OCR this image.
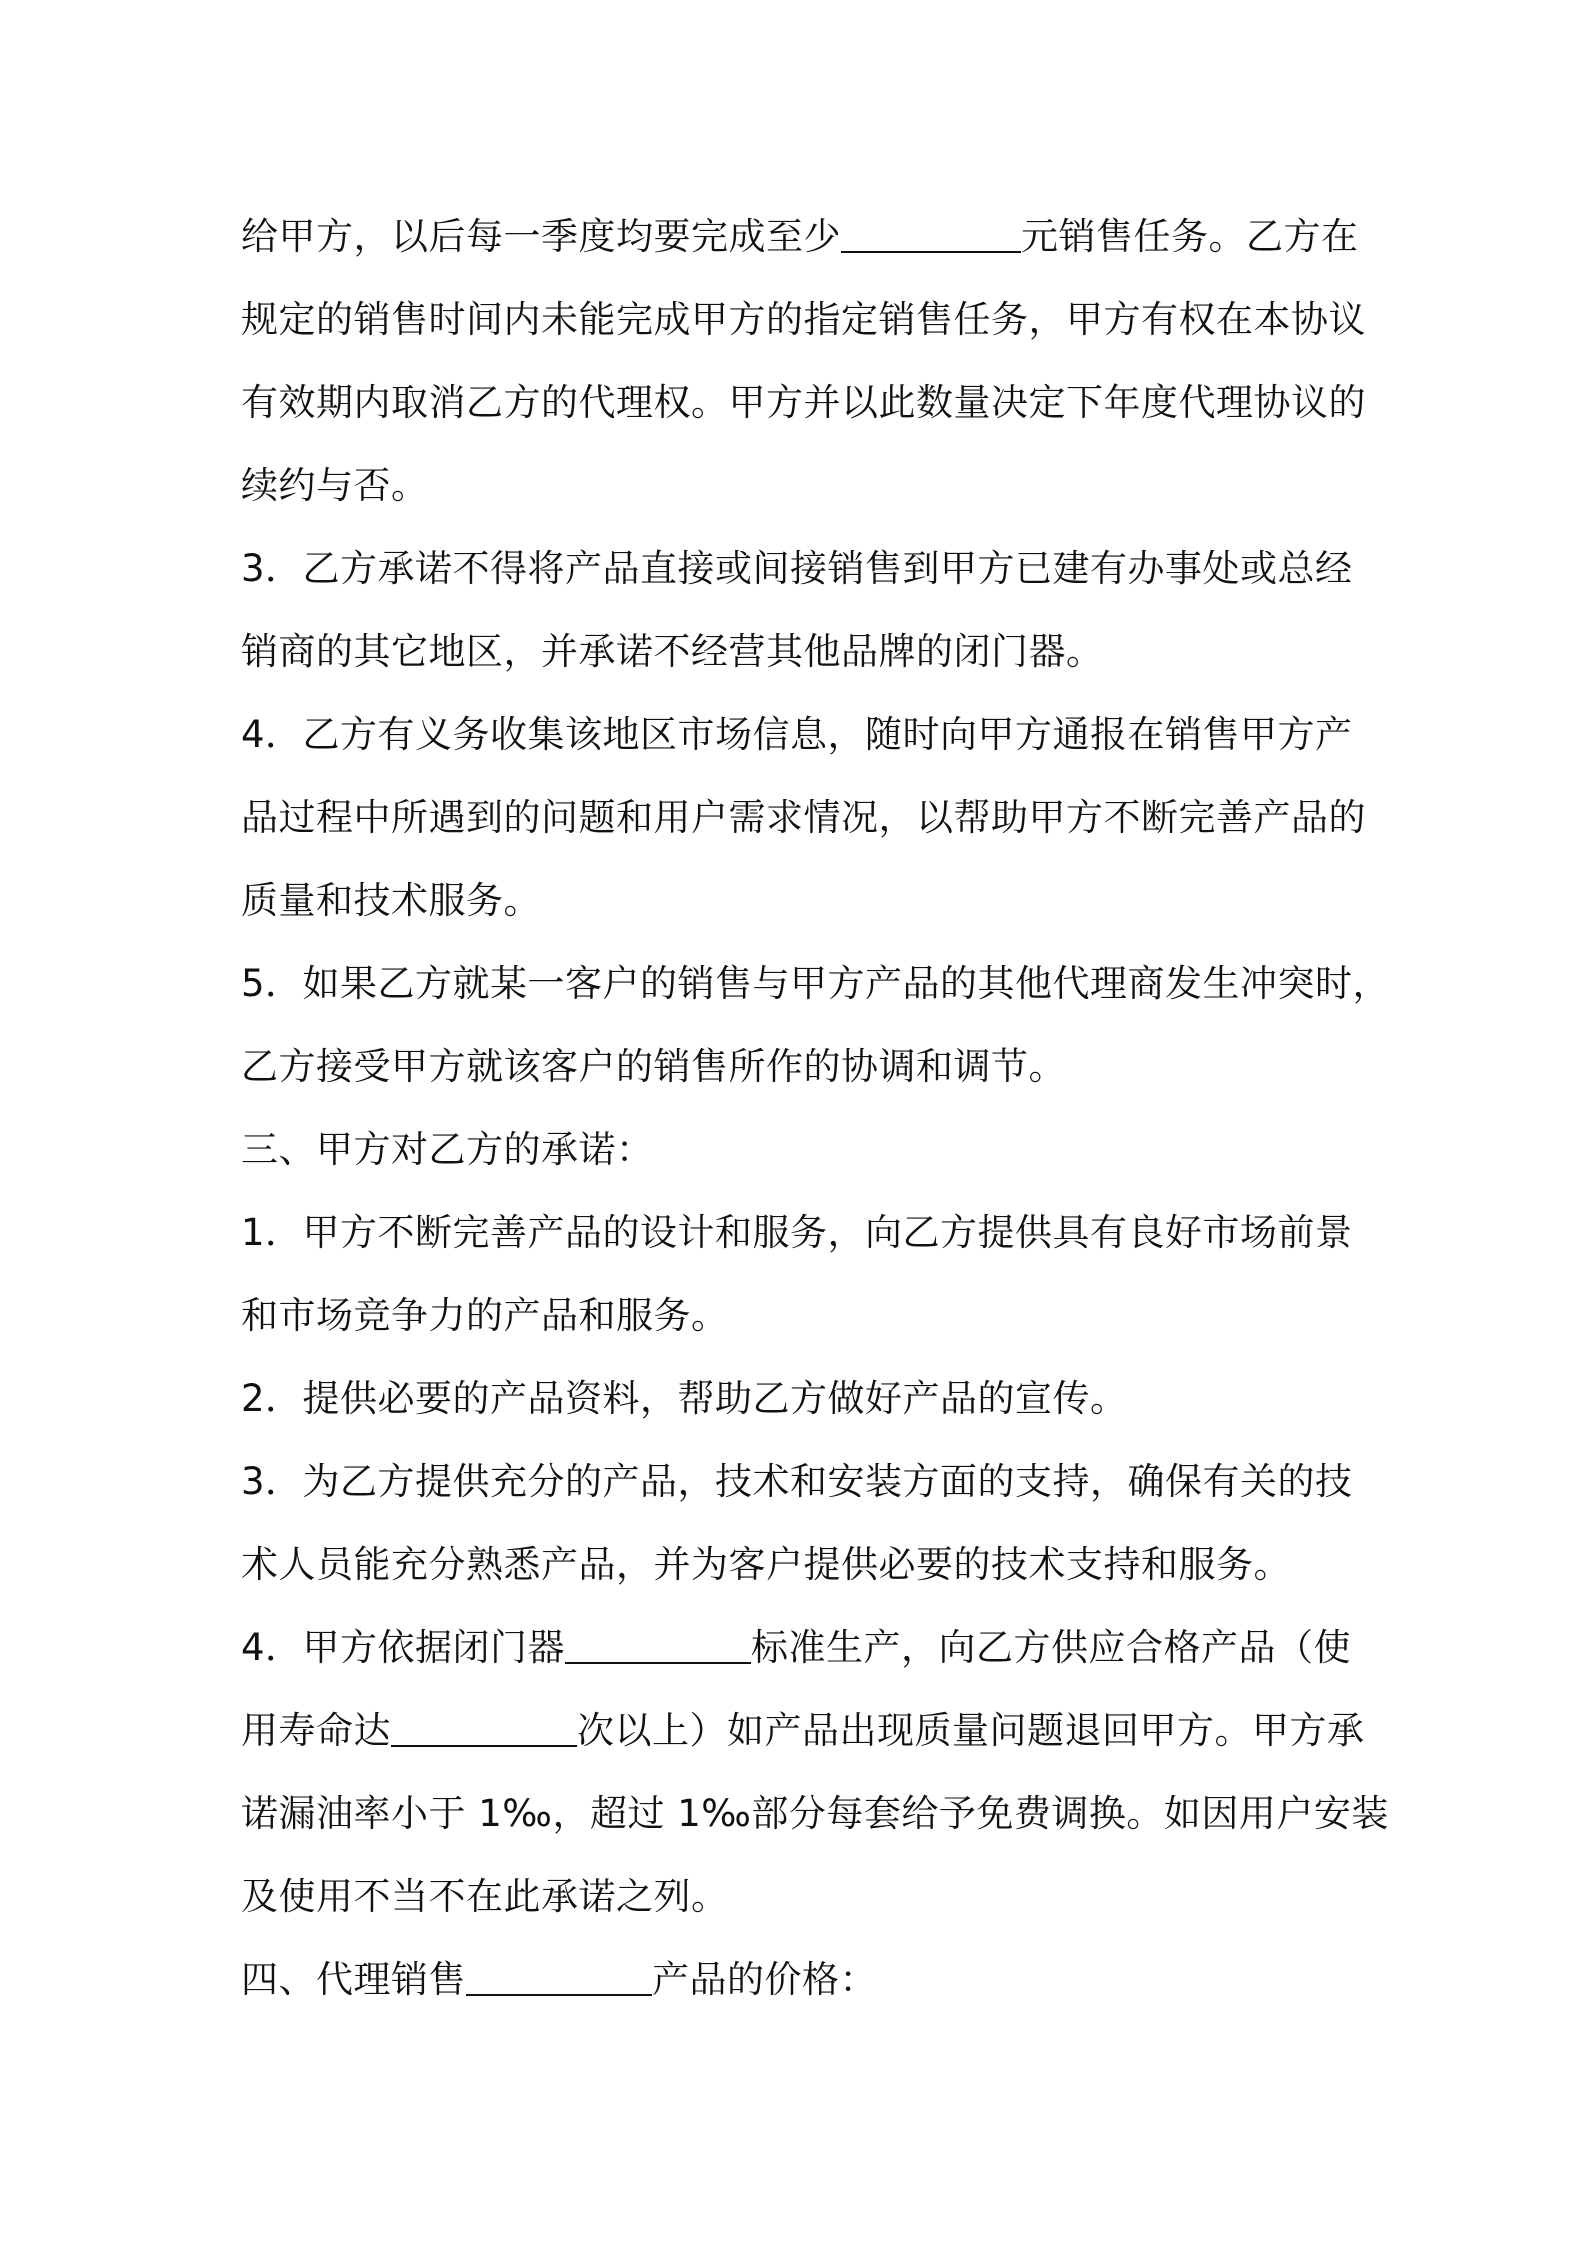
给甲方，以后每一季度均要完成至少	元销售任务。乙方在
规定的销售时间内未能完成甲方的指定销售任务，甲方有权在本协议
有效期内取消乙方的代理权。甲方并以此数量决定下年度代理协议的
续约与否。
3．乙方承诺不得将产品直接或间接销售到甲方已建有办事处或总经
销商的其它地区，并承诺不经营其他品牌的闭门器。
4．乙方有义务收集该地区市场信息，随时向甲方通报在销售甲方产
品过程中所遇到的问题和用户需求情况，以帮助甲方不断完善产品的
质量和技术服务。
5．如果乙方就某一客户的销售与甲方产品的其他代理商发生冲突时，
乙方接受甲方就该客户的销售所作的协调和调节。
三、甲方对乙方的承诺：
1．甲方不断完善产品的设计和服务，向乙方提供具有良好市场前景
和市场竞争力的产品和服务。
2．提供必要的产品资料，帮助乙方做好产品的宣传。
3．为乙方提供充分的产品，技术和安装方面的支持，确保有关的技
术人员能充分熟悉产品，并为客户提供必要的技术支持和服务。
4．甲方依据闭门器	标准生产，向乙方供应合格产品（使
用寿命达	次以上）如产品出现质量问题退回甲方。甲方承
诺漏油率小于 1‰，超过 1‰部分每套给予免费调换。如因用户安装
及使用不当不在此承诺之列。
四、代理销售	产品的价格：
